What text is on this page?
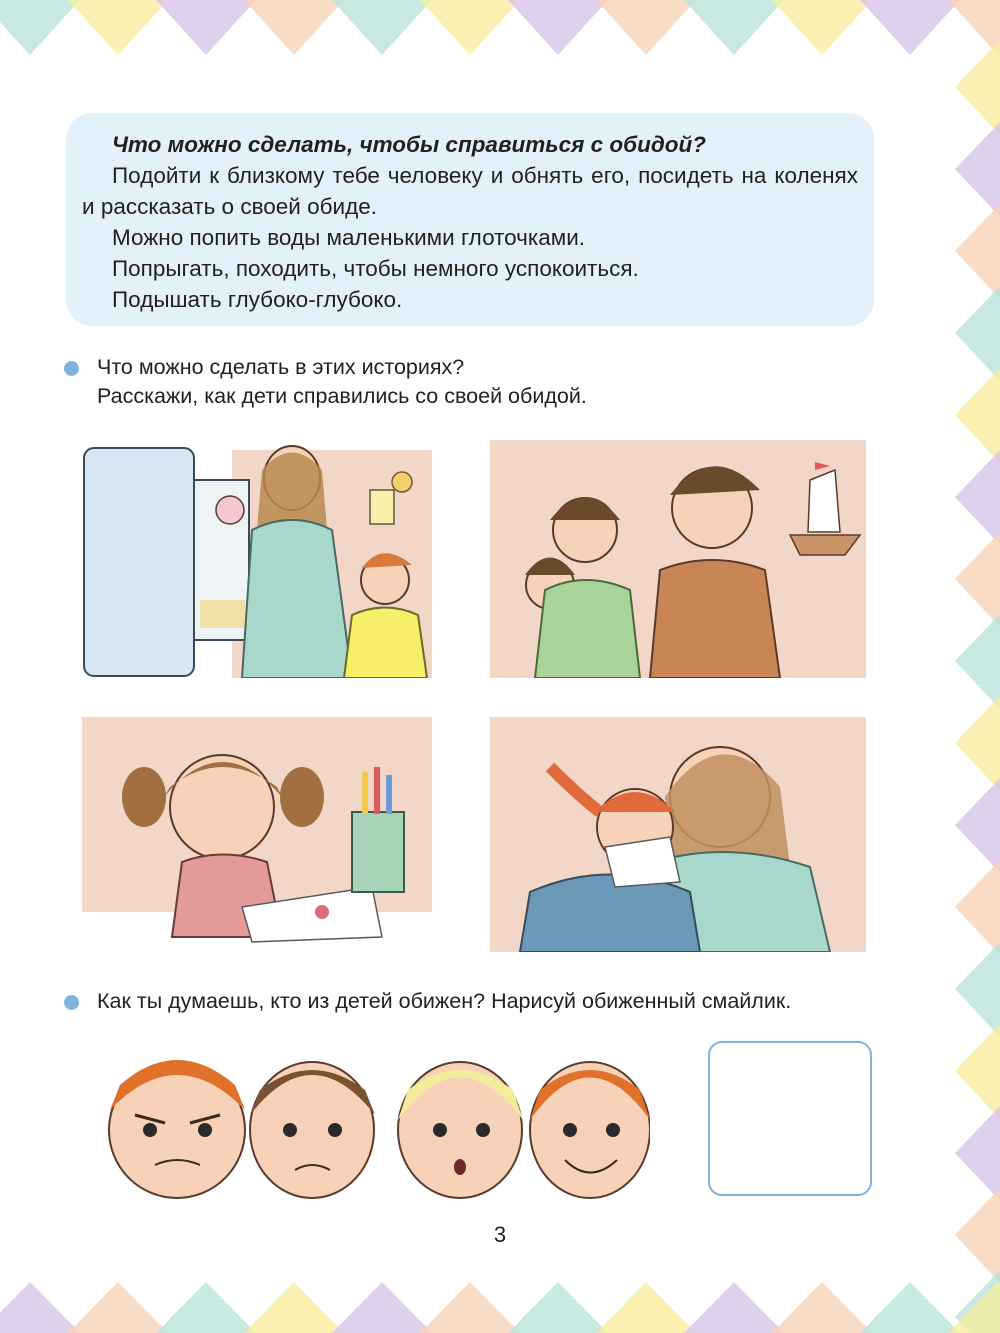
Что можно сделать, чтобы справиться с обидой?

Подойти к близкому тебе человеку и обнять его, посидеть на коленях и рассказать о своей обиде.

Можно попить воды маленькими глоточками.

Попрыгать, походить, чтобы немного успокоиться.

Подышать глубоко-глубоко.

Что можно сделать в этих историях?
Расскажи, как дети справились со своей обидой.
Как ты думаешь, кто из детей обижен? Нарисуй обиженный смайлик.
3
